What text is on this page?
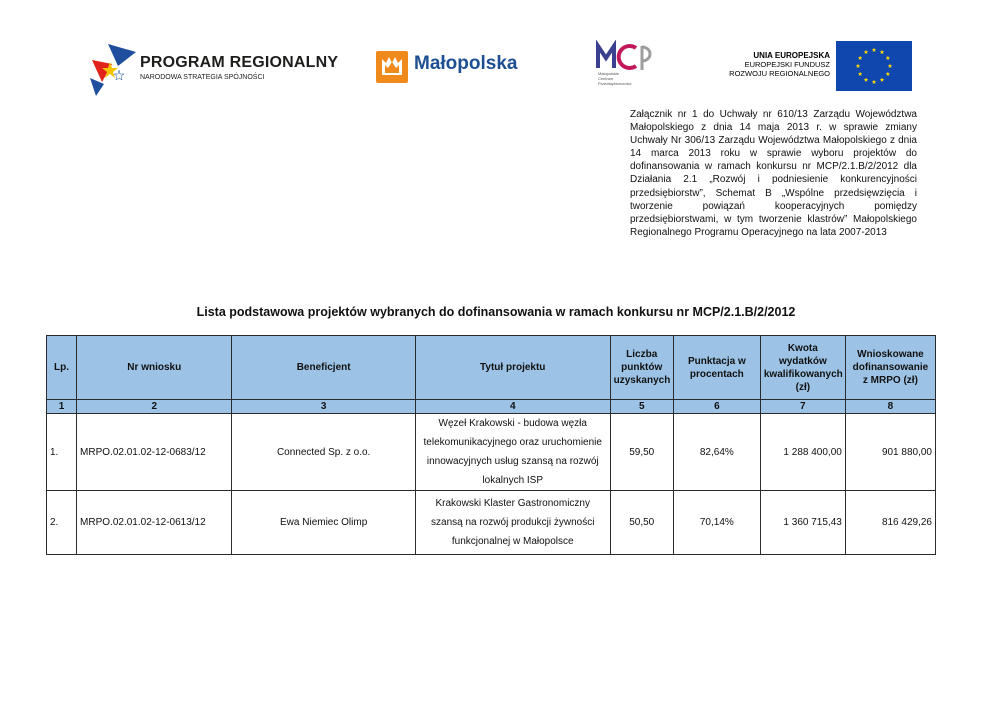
PROGRAM REGIONALNY
NARODOWA STRATEGIA SPÓJNOŚCI
Małopolska	Małopolskie Centrum Przedsiębiorczości
UNIA EUROPEJSKA
EUROPEJSKI FUNDUSZ
ROZWOJU REGIONALNEGO
Załącznik nr 1 do Uchwały nr 610/13 Zarządu Województwa Małopolskiego z dnia 14 maja 2013 r. w sprawie zmiany Uchwały Nr 306/13 Zarządu Województwa Małopolskiego z dnia 14 marca 2013 roku w sprawie wyboru projektów do dofinansowania w ramach konkursu nr MCP/2.1.B/2/2012 dla Działania 2.1 „Rozwój i podniesienie konkurencyjności przedsiębiorstw”, Schemat B „Wspólne przedsięwzięcia i tworzenie powiązań kooperacyjnych pomiędzy przedsiębiorstwami, w tym tworzenie klastrów” Małopolskiego Regionalnego Programu Operacyjnego na lata 2007-2013
Lista podstawowa projektów wybranych do dofinansowania w ramach konkursu nr MCP/2.1.B/2/2012
Lp.	Nr wniosku	Beneficjent	Tytuł projektu	Liczba punktów uzyskanych	Punktacja w procentach	Kwota wydatków kwalifikowanych (zł)	Wnioskowane dofinansowanie z MRPO (zł)
1	2	3	4	5	6	7	8
1.	MRPO.02.01.02-12-0683/12	Connected Sp. z o.o.	Węzeł Krakowski - budowa węzła telekomunikacyjnego oraz uruchomienie innowacyjnych usług szansą na rozwój lokalnych ISP	59,50	82,64%	1 288 400,00	901 880,00
2.	MRPO.02.01.02-12-0613/12	Ewa Niemiec Olimp	Krakowski Klaster Gastronomiczny szansą na rozwój produkcji żywności funkcjonalnej w Małopolsce	50,50	70,14%	1 360 715,43	816 429,26
